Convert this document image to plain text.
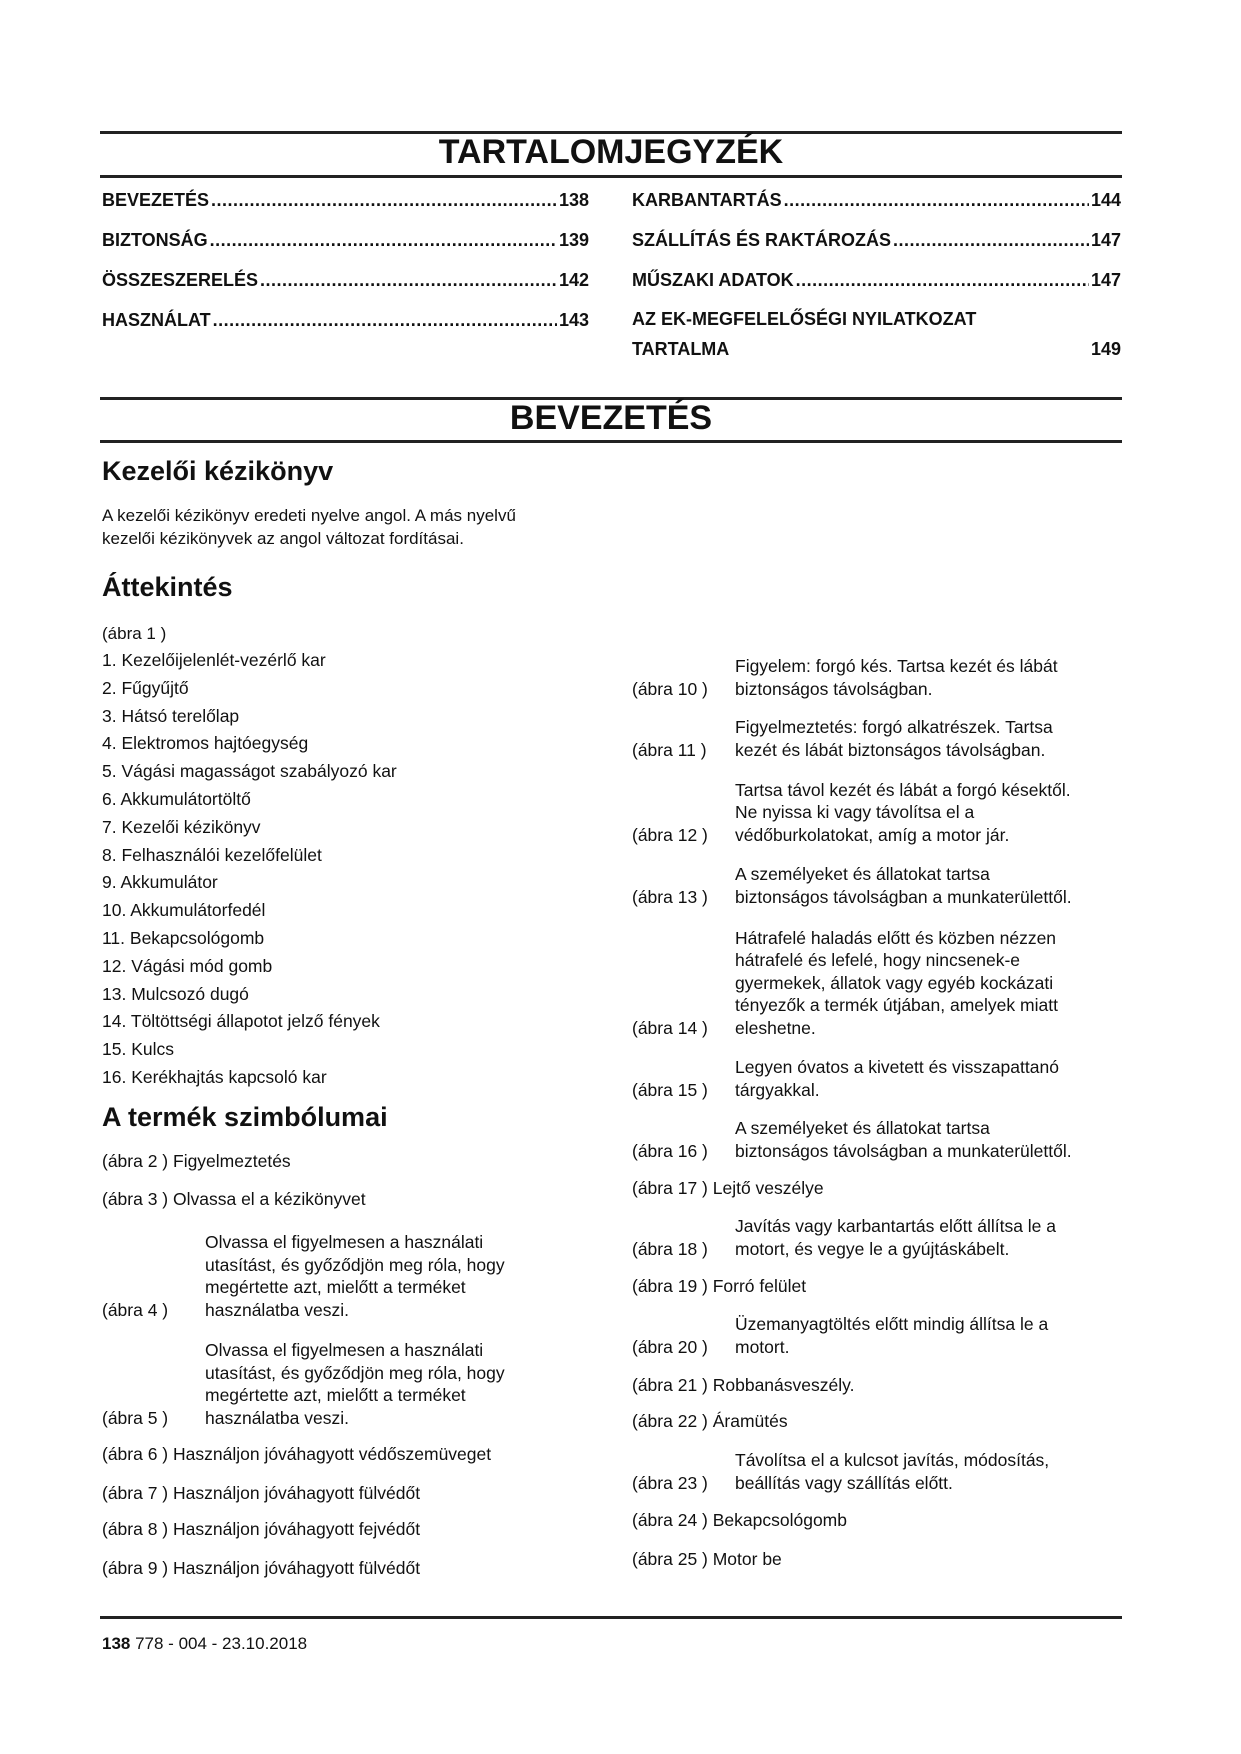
TARTALOMJEGYZÉK
BEVEZETÉS .....	138
BIZTONSÁG .....	139
ÖSSZESZERELÉS .....	142
HASZNÁLAT .....	143
KARBANTARTÁS .....	144
SZÁLLÍTÁS ÉS RAKTÁROZÁS .....	147
MŰSZAKI ADATOK .....	147
AZ EK-MEGFELELŐSÉGI NYILATKOZAT
TARTALMA	149
BEVEZETÉS
Kezelői kézikönyv

A kezelői kézikönyv eredeti nyelve angol. A más nyelvű

kezelői kézikönyvek az angol változat fordításai.

Áttekintés

(ábra 1 )

1. Kezelőijelenlét-vezérlő kar
2. Fűgyűjtő
3. Hátsó terelőlap
4. Elektromos hajtóegység
5. Vágási magasságot szabályozó kar
6. Akkumulátortöltő
7. Kezelői kézikönyv
8. Felhasználói kezelőfelület
9. Akkumulátor
10. Akkumulátorfedél
11. Bekapcsológomb
12. Vágási mód gomb
13. Mulcsozó dugó
14. Töltöttségi állapotot jelző fények
15. Kulcs
16. Kerékhajtás kapcsoló kar
A termék szimbólumai
(ábra 2 ) Figyelmeztetés
(ábra 3 ) Olvassa el a kézikönyvet
(ábra 4 )
Olvassa el figyelmesen a használati
utasítást, és győződjön meg róla, hogy
megértette azt, mielőtt a terméket
használatba veszi.
(ábra 5 )
Olvassa el figyelmesen a használati
utasítást, és győződjön meg róla, hogy
megértette azt, mielőtt a terméket
használatba veszi.
(ábra 6 ) Használjon jóváhagyott védőszemüveget
(ábra 7 ) Használjon jóváhagyott fülvédőt
(ábra 8 ) Használjon jóváhagyott fejvédőt
(ábra 9 ) Használjon jóváhagyott fülvédőt
(ábra 10 )
Figyelem: forgó kés. Tartsa kezét és lábát
biztonságos távolságban.
(ábra 11 )
Figyelmeztetés: forgó alkatrészek. Tartsa
kezét és lábát biztonságos távolságban.
(ábra 12 )
Tartsa távol kezét és lábát a forgó késektől.
Ne nyissa ki vagy távolítsa el a
védőburkolatokat, amíg a motor jár.
(ábra 13 )
A személyeket és állatokat tartsa
biztonságos távolságban a munkaterülettől.
(ábra 14 )
Hátrafelé haladás előtt és közben nézzen
hátrafelé és lefelé, hogy nincsenek-e
gyermekek, állatok vagy egyéb kockázati
tényezők a termék útjában, amelyek miatt
eleshetne.
(ábra 15 )
Legyen óvatos a kivetett és visszapattanó
tárgyakkal.
(ábra 16 )
A személyeket és állatokat tartsa
biztonságos távolságban a munkaterülettől.
(ábra 17 ) Lejtő veszélye
(ábra 18 )
Javítás vagy karbantartás előtt állítsa le a
motort, és vegye le a gyújtáskábelt.
(ábra 19 ) Forró felület
(ábra 20 )
Üzemanyagtöltés előtt mindig állítsa le a
motort.
(ábra 21 ) Robbanásveszély.
(ábra 22 ) Áramütés
(ábra 23 )
Távolítsa el a kulcsot javítás, módosítás,
beállítás vagy szállítás előtt.
(ábra 24 ) Bekapcsológomb
(ábra 25 ) Motor be
138 778 - 004 - 23.10.2018
